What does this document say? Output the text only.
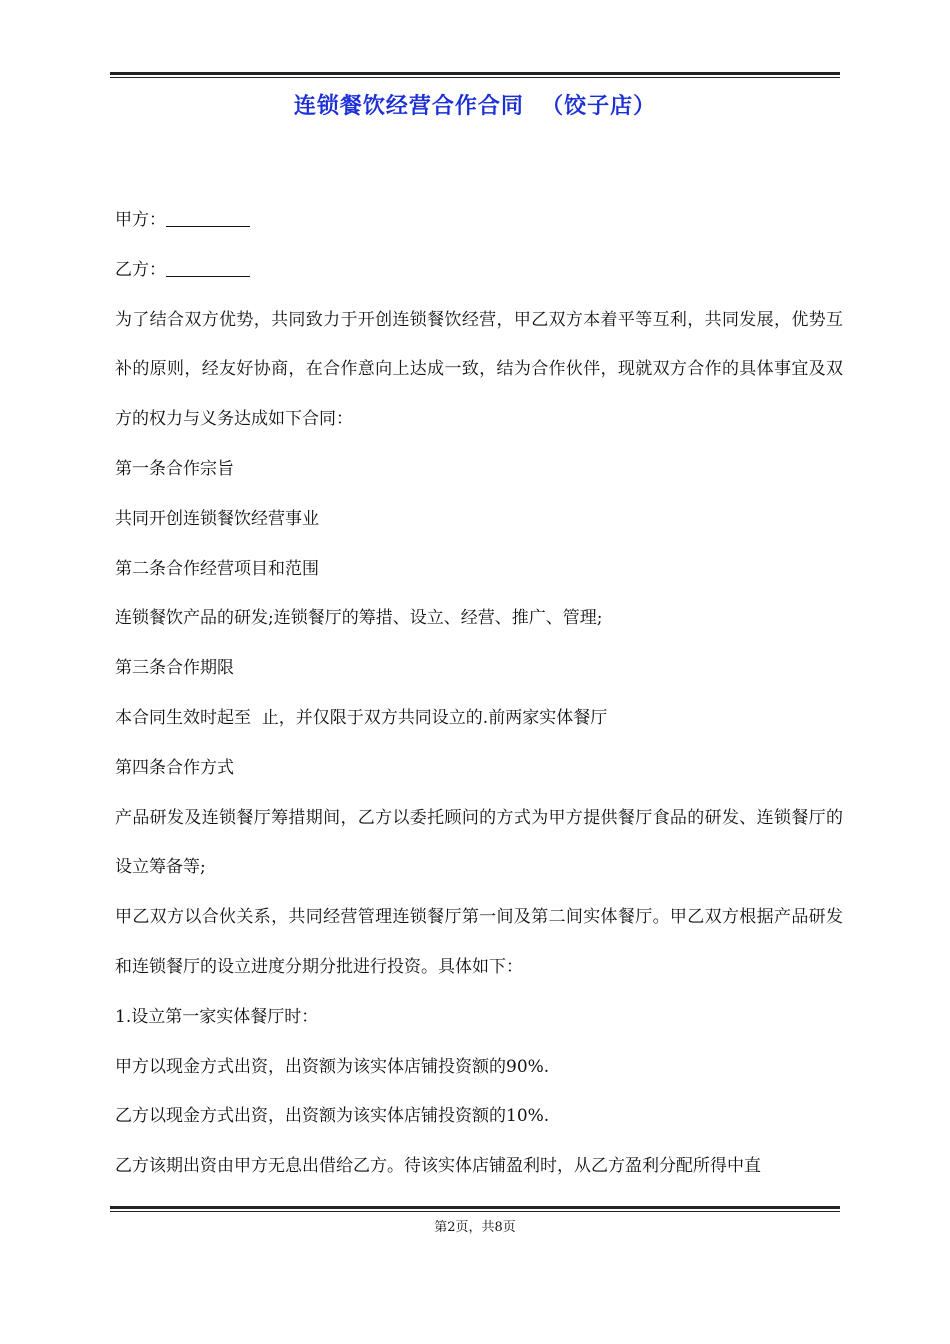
连锁餐饮经营合作合同  （饺子店）

甲方：

乙方：

为了结合双方优势，共同致力于开创连锁餐饮经营，甲乙双方本着平等互利，共同发展，优势互补的原则，经友好协商，在合作意向上达成一致，结为合作伙伴，现就双方合作的具体事宜及双方的权力与义务达成如下合同：

第一条合作宗旨

共同开创连锁餐饮经营事业

第二条合作经营项目和范围

连锁餐饮产品的研发;连锁餐厅的筹措、设立、经营、推广、管理;

第三条合作期限

本合同生效时起至  止，并仅限于双方共同设立的.前两家实体餐厅

第四条合作方式

产品研发及连锁餐厅筹措期间，乙方以委托顾问的方式为甲方提供餐厅食品的研发、连锁餐厅的设立筹备等;

甲乙双方以合伙关系，共同经营管理连锁餐厅第一间及第二间实体餐厅。甲乙双方根据产品研发和连锁餐厅的设立进度分期分批进行投资。具体如下：

1.设立第一家实体餐厅时：

甲方以现金方式出资，出资额为该实体店铺投资额的90%.

乙方以现金方式出资，出资额为该实体店铺投资额的10%.

乙方该期出资由甲方无息出借给乙方。待该实体店铺盈利时，从乙方盈利分配所得中直

第2页，共8页
